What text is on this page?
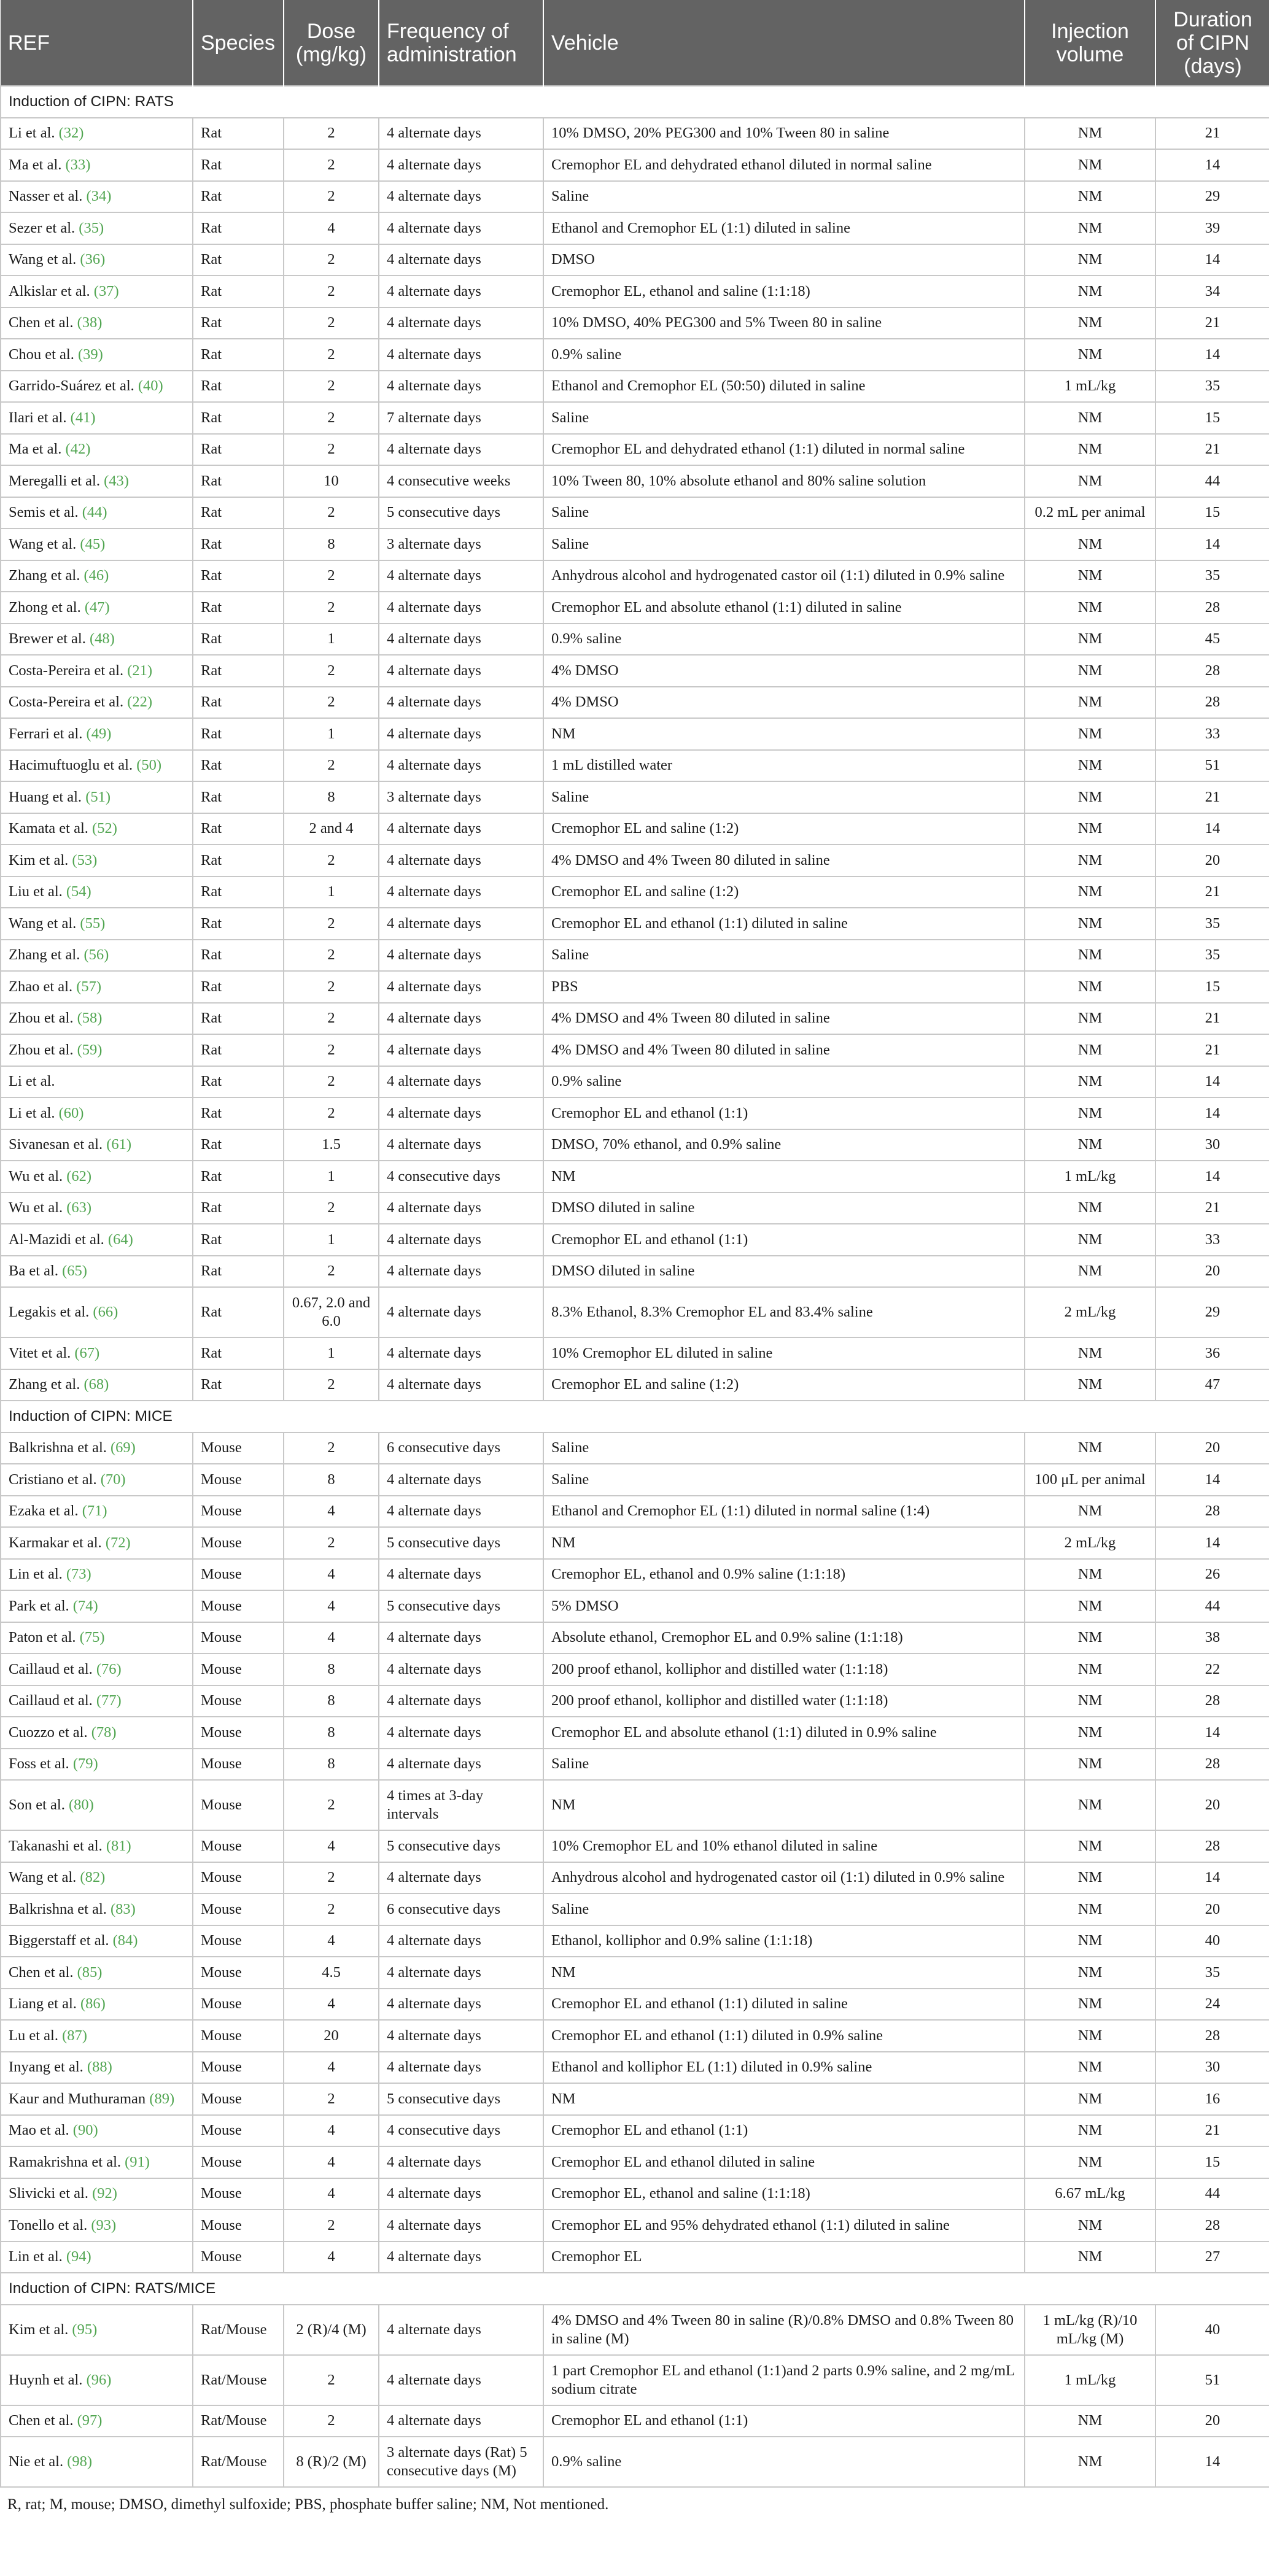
REF	Species	Dose (mg/kg)	Frequency of administration	Vehicle	Injection volume	Duration of CIPN (days)
Induction of CIPN: RATS						
Li et al. (32)	Rat	2	4 alternate days	10% DMSO, 20% PEG300 and 10% Tween 80 in saline	NM	21
Ma et al. (33)	Rat	2	4 alternate days	Cremophor EL and dehydrated ethanol diluted in normal saline	NM	14
Nasser et al. (34)	Rat	2	4 alternate days	Saline	NM	29
Sezer et al. (35)	Rat	4	4 alternate days	Ethanol and Cremophor EL (1:1) diluted in saline	NM	39
Wang et al. (36)	Rat	2	4 alternate days	DMSO	NM	14
Alkislar et al. (37)	Rat	2	4 alternate days	Cremophor EL, ethanol and saline (1:1:18)	NM	34
Chen et al. (38)	Rat	2	4 alternate days	10% DMSO, 40% PEG300 and 5% Tween 80 in saline	NM	21
Chou et al. (39)	Rat	2	4 alternate days	0.9% saline	NM	14
Garrido-Suárez et al. (40)	Rat	2	4 alternate days	Ethanol and Cremophor EL (50:50) diluted in saline	1 mL/kg	35
Ilari et al. (41)	Rat	2	7 alternate days	Saline	NM	15
Ma et al. (42)	Rat	2	4 alternate days	Cremophor EL and dehydrated ethanol (1:1) diluted in normal saline	NM	21
Meregalli et al. (43)	Rat	10	4 consecutive weeks	10% Tween 80, 10% absolute ethanol and 80% saline solution	NM	44
Semis et al. (44)	Rat	2	5 consecutive days	Saline	0.2 mL per animal	15
Wang et al. (45)	Rat	8	3 alternate days	Saline	NM	14
Zhang et al. (46)	Rat	2	4 alternate days	Anhydrous alcohol and hydrogenated castor oil (1:1) diluted in 0.9% saline	NM	35
Zhong et al. (47)	Rat	2	4 alternate days	Cremophor EL and absolute ethanol (1:1) diluted in saline	NM	28
Brewer et al. (48)	Rat	1	4 alternate days	0.9% saline	NM	45
Costa-Pereira et al. (21)	Rat	2	4 alternate days	4% DMSO	NM	28
Costa-Pereira et al. (22)	Rat	2	4 alternate days	4% DMSO	NM	28
Ferrari et al. (49)	Rat	1	4 alternate days	NM	NM	33
Hacimuftuoglu et al. (50)	Rat	2	4 alternate days	1 mL distilled water	NM	51
Huang et al. (51)	Rat	8	3 alternate days	Saline	NM	21
Kamata et al. (52)	Rat	2 and 4	4 alternate days	Cremophor EL and saline (1:2)	NM	14
Kim et al. (53)	Rat	2	4 alternate days	4% DMSO and 4% Tween 80 diluted in saline	NM	20
Liu et al. (54)	Rat	1	4 alternate days	Cremophor EL and saline (1:2)	NM	21
Wang et al. (55)	Rat	2	4 alternate days	Cremophor EL and ethanol (1:1) diluted in saline	NM	35
Zhang et al. (56)	Rat	2	4 alternate days	Saline	NM	35
Zhao et al. (57)	Rat	2	4 alternate days	PBS	NM	15
Zhou et al. (58)	Rat	2	4 alternate days	4% DMSO and 4% Tween 80 diluted in saline	NM	21
Zhou et al. (59)	Rat	2	4 alternate days	4% DMSO and 4% Tween 80 diluted in saline	NM	21
Li et al.	Rat	2	4 alternate days	0.9% saline	NM	14
Li et al. (60)	Rat	2	4 alternate days	Cremophor EL and ethanol (1:1)	NM	14
Sivanesan et al. (61)	Rat	1.5	4 alternate days	DMSO, 70% ethanol, and 0.9% saline	NM	30
Wu et al. (62)	Rat	1	4 consecutive days	NM	1 mL/kg	14
Wu et al. (63)	Rat	2	4 alternate days	DMSO diluted in saline	NM	21
Al-Mazidi et al. (64)	Rat	1	4 alternate days	Cremophor EL and ethanol (1:1)	NM	33
Ba et al. (65)	Rat	2	4 alternate days	DMSO diluted in saline	NM	20
Legakis et al. (66)	Rat	0.67, 2.0 and 6.0	4 alternate days	8.3% Ethanol, 8.3% Cremophor EL and 83.4% saline	2 mL/kg	29
Vitet et al. (67)	Rat	1	4 alternate days	10% Cremophor EL diluted in saline	NM	36
Zhang et al. (68)	Rat	2	4 alternate days	Cremophor EL and saline (1:2)	NM	47
Induction of CIPN: MICE						
Balkrishna et al. (69)	Mouse	2	6 consecutive days	Saline	NM	20
Cristiano et al. (70)	Mouse	8	4 alternate days	Saline	100 μL per animal	14
Ezaka et al. (71)	Mouse	4	4 alternate days	Ethanol and Cremophor EL (1:1) diluted in normal saline (1:4)	NM	28
Karmakar et al. (72)	Mouse	2	5 consecutive days	NM	2 mL/kg	14
Lin et al. (73)	Mouse	4	4 alternate days	Cremophor EL, ethanol and 0.9% saline (1:1:18)	NM	26
Park et al. (74)	Mouse	4	5 consecutive days	5% DMSO	NM	44
Paton et al. (75)	Mouse	4	4 alternate days	Absolute ethanol, Cremophor EL and 0.9% saline (1:1:18)	NM	38
Caillaud et al. (76)	Mouse	8	4 alternate days	200 proof ethanol, kolliphor and distilled water (1:1:18)	NM	22
Caillaud et al. (77)	Mouse	8	4 alternate days	200 proof ethanol, kolliphor and distilled water (1:1:18)	NM	28
Cuozzo et al. (78)	Mouse	8	4 alternate days	Cremophor EL and absolute ethanol (1:1) diluted in 0.9% saline	NM	14
Foss et al. (79)	Mouse	8	4 alternate days	Saline	NM	28
Son et al. (80)	Mouse	2	4 times at 3-day intervals	NM	NM	20
Takanashi et al. (81)	Mouse	4	5 consecutive days	10% Cremophor EL and 10% ethanol diluted in saline	NM	28
Wang et al. (82)	Mouse	2	4 alternate days	Anhydrous alcohol and hydrogenated castor oil (1:1) diluted in 0.9% saline	NM	14
Balkrishna et al. (83)	Mouse	2	6 consecutive days	Saline	NM	20
Biggerstaff et al. (84)	Mouse	4	4 alternate days	Ethanol, kolliphor and 0.9% saline (1:1:18)	NM	40
Chen et al. (85)	Mouse	4.5	4 alternate days	NM	NM	35
Liang et al. (86)	Mouse	4	4 alternate days	Cremophor EL and ethanol (1:1) diluted in saline	NM	24
Lu et al. (87)	Mouse	20	4 alternate days	Cremophor EL and ethanol (1:1) diluted in 0.9% saline	NM	28
Inyang et al. (88)	Mouse	4	4 alternate days	Ethanol and kolliphor EL (1:1) diluted in 0.9% saline	NM	30
Kaur and Muthuraman (89)	Mouse	2	5 consecutive days	NM	NM	16
Mao et al. (90)	Mouse	4	4 consecutive days	Cremophor EL and ethanol (1:1)	NM	21
Ramakrishna et al. (91)	Mouse	4	4 alternate days	Cremophor EL and ethanol diluted in saline	NM	15
Slivicki et al. (92)	Mouse	4	4 alternate days	Cremophor EL, ethanol and saline (1:1:18)	6.67 mL/kg	44
Tonello et al. (93)	Mouse	2	4 alternate days	Cremophor EL and 95% dehydrated ethanol (1:1) diluted in saline	NM	28
Lin et al. (94)	Mouse	4	4 alternate days	Cremophor EL	NM	27
Induction of CIPN: RATS/MICE						
Kim et al. (95)	Rat/Mouse	2 (R)/4 (M)	4 alternate days	4% DMSO and 4% Tween 80 in saline (R)/0.8% DMSO and 0.8% Tween 80 in saline (M)	1 mL/kg (R)/10 mL/kg (M)	40
Huynh et al. (96)	Rat/Mouse	2	4 alternate days	1 part Cremophor EL and ethanol (1:1)and 2 parts 0.9% saline, and 2 mg/mL sodium citrate	1 mL/kg	51
Chen et al. (97)	Rat/Mouse	2	4 alternate days	Cremophor EL and ethanol (1:1)	NM	20
Nie et al. (98)	Rat/Mouse	8 (R)/2 (M)	3 alternate days (Rat) 5 consecutive days (M)	0.9% saline	NM	14
R, rat; M, mouse; DMSO, dimethyl sulfoxide; PBS, phosphate buffer saline; NM, Not mentioned.
